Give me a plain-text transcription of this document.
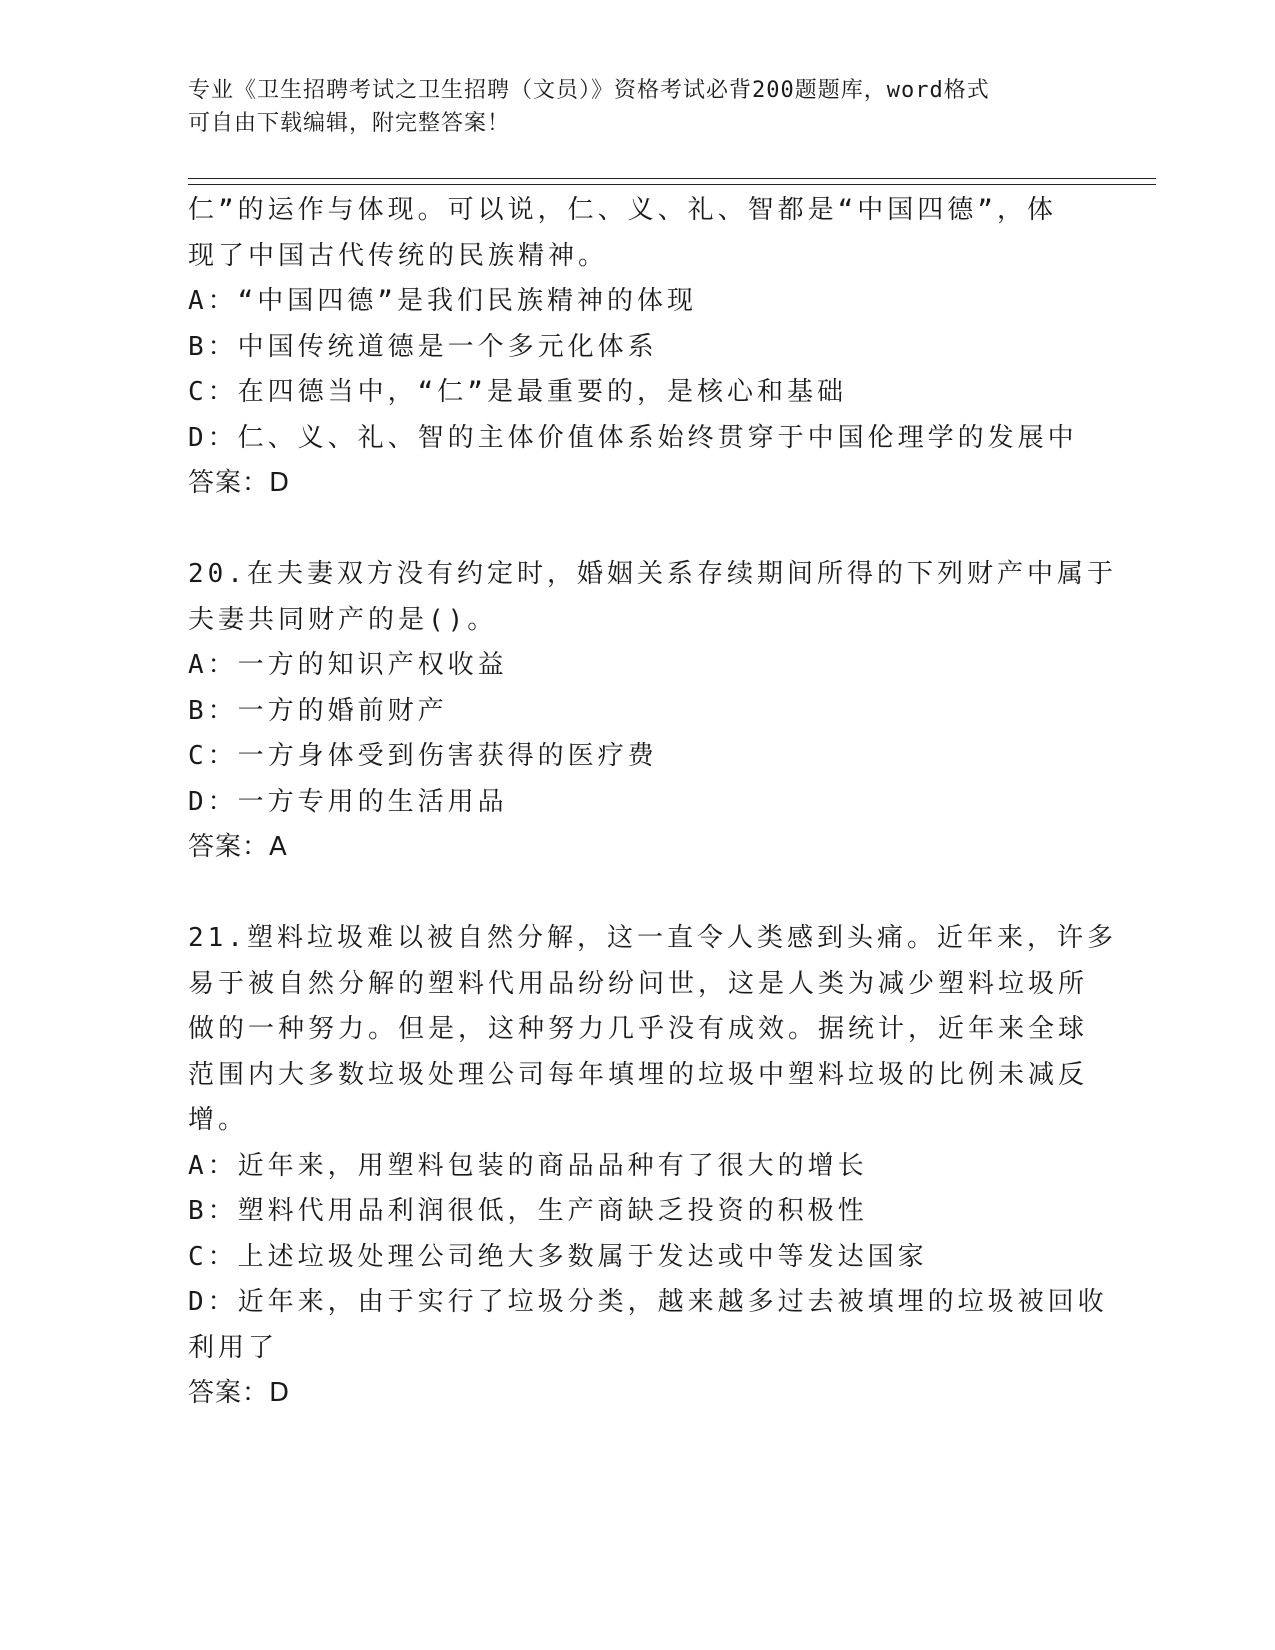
专业《卫生招聘考试之卫生招聘（文员）》资格考试必背200题题库，word格式
可自由下载编辑，附完整答案！
仁”的运作与体现。可以说，仁、义、礼、智都是“中国四德”，体
现了中国古代传统的民族精神。
A：“中国四德”是我们民族精神的体现
B：中国传统道德是一个多元化体系
C：在四德当中，“仁”是最重要的，是核心和基础
D：仁、义、礼、智的主体价值体系始终贯穿于中国伦理学的发展中
答案：D
20.在夫妻双方没有约定时，婚姻关系存续期间所得的下列财产中属于
夫妻共同财产的是()。
A：一方的知识产权收益
B：一方的婚前财产
C：一方身体受到伤害获得的医疗费
D：一方专用的生活用品
答案：A
21.塑料垃圾难以被自然分解，这一直令人类感到头痛。近年来，许多
易于被自然分解的塑料代用品纷纷问世，这是人类为减少塑料垃圾所
做的一种努力。但是，这种努力几乎没有成效。据统计，近年来全球
范围内大多数垃圾处理公司每年填埋的垃圾中塑料垃圾的比例未减反
增。
A：近年来，用塑料包装的商品品种有了很大的增长
B：塑料代用品利润很低，生产商缺乏投资的积极性
C：上述垃圾处理公司绝大多数属于发达或中等发达国家
D：近年来，由于实行了垃圾分类，越来越多过去被填埋的垃圾被回收
利用了
答案：D
